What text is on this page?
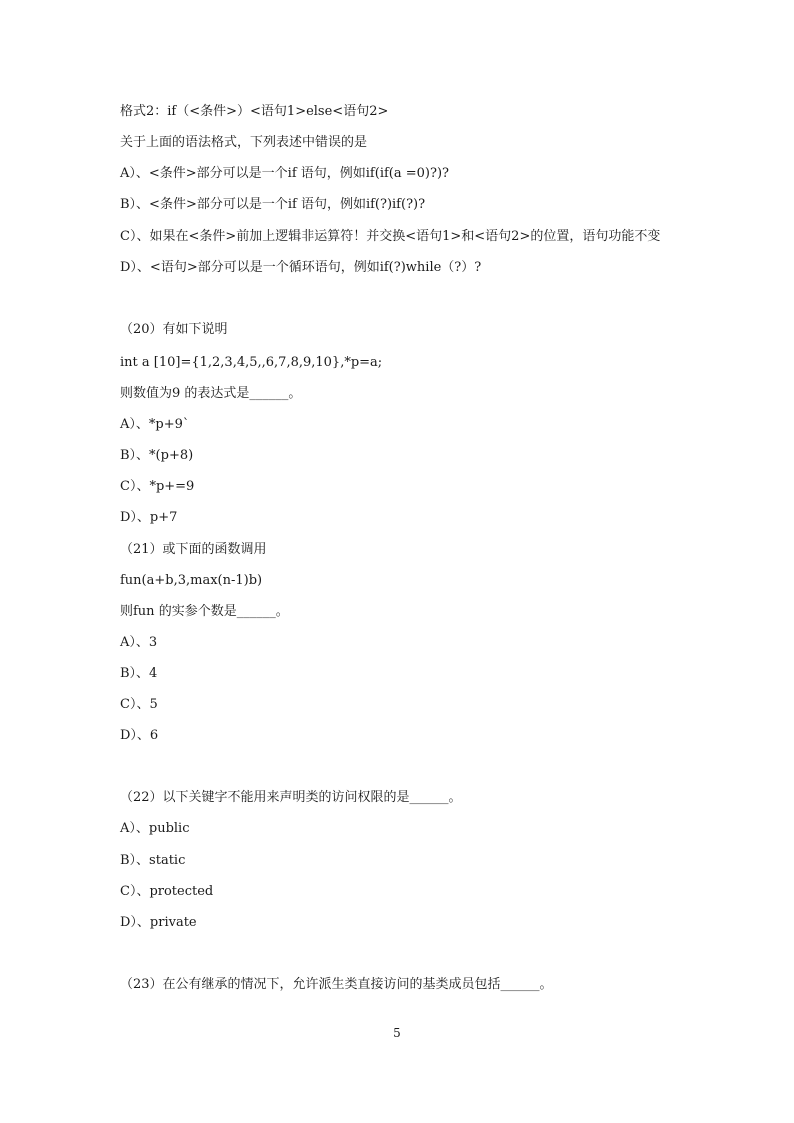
格式2：if（<条件>）<语句1>else<语句2>
关于上面的语法格式，下列表述中错误的是
A）、<条件>部分可以是一个if 语句，例如if(if(a =0)?)?
B）、<条件>部分可以是一个if 语句，例如if(?)if(?)?
C）、如果在<条件>前加上逻辑非运算符！并交换<语句1>和<语句2>的位置，语句功能不变
D）、<语句>部分可以是一个循环语句，例如if(?)while（?）?
（20）有如下说明
int a [10]={1,2,3,4,5,,6,7,8,9,10},*p=a;
则数值为9 的表达式是______。
A）、*p+9`
B）、*(p+8)
C）、*p+=9
D）、p+7
（21）或下面的函数调用
fun(a+b,3,max(n-1)b)
则fun 的实参个数是______。
A）、3
B）、4
C）、5
D）、6
（22）以下关键字不能用来声明类的访问权限的是______。
A）、public
B）、static
C）、protected
D）、private
（23）在公有继承的情况下，允许派生类直接访问的基类成员包括______。
5
